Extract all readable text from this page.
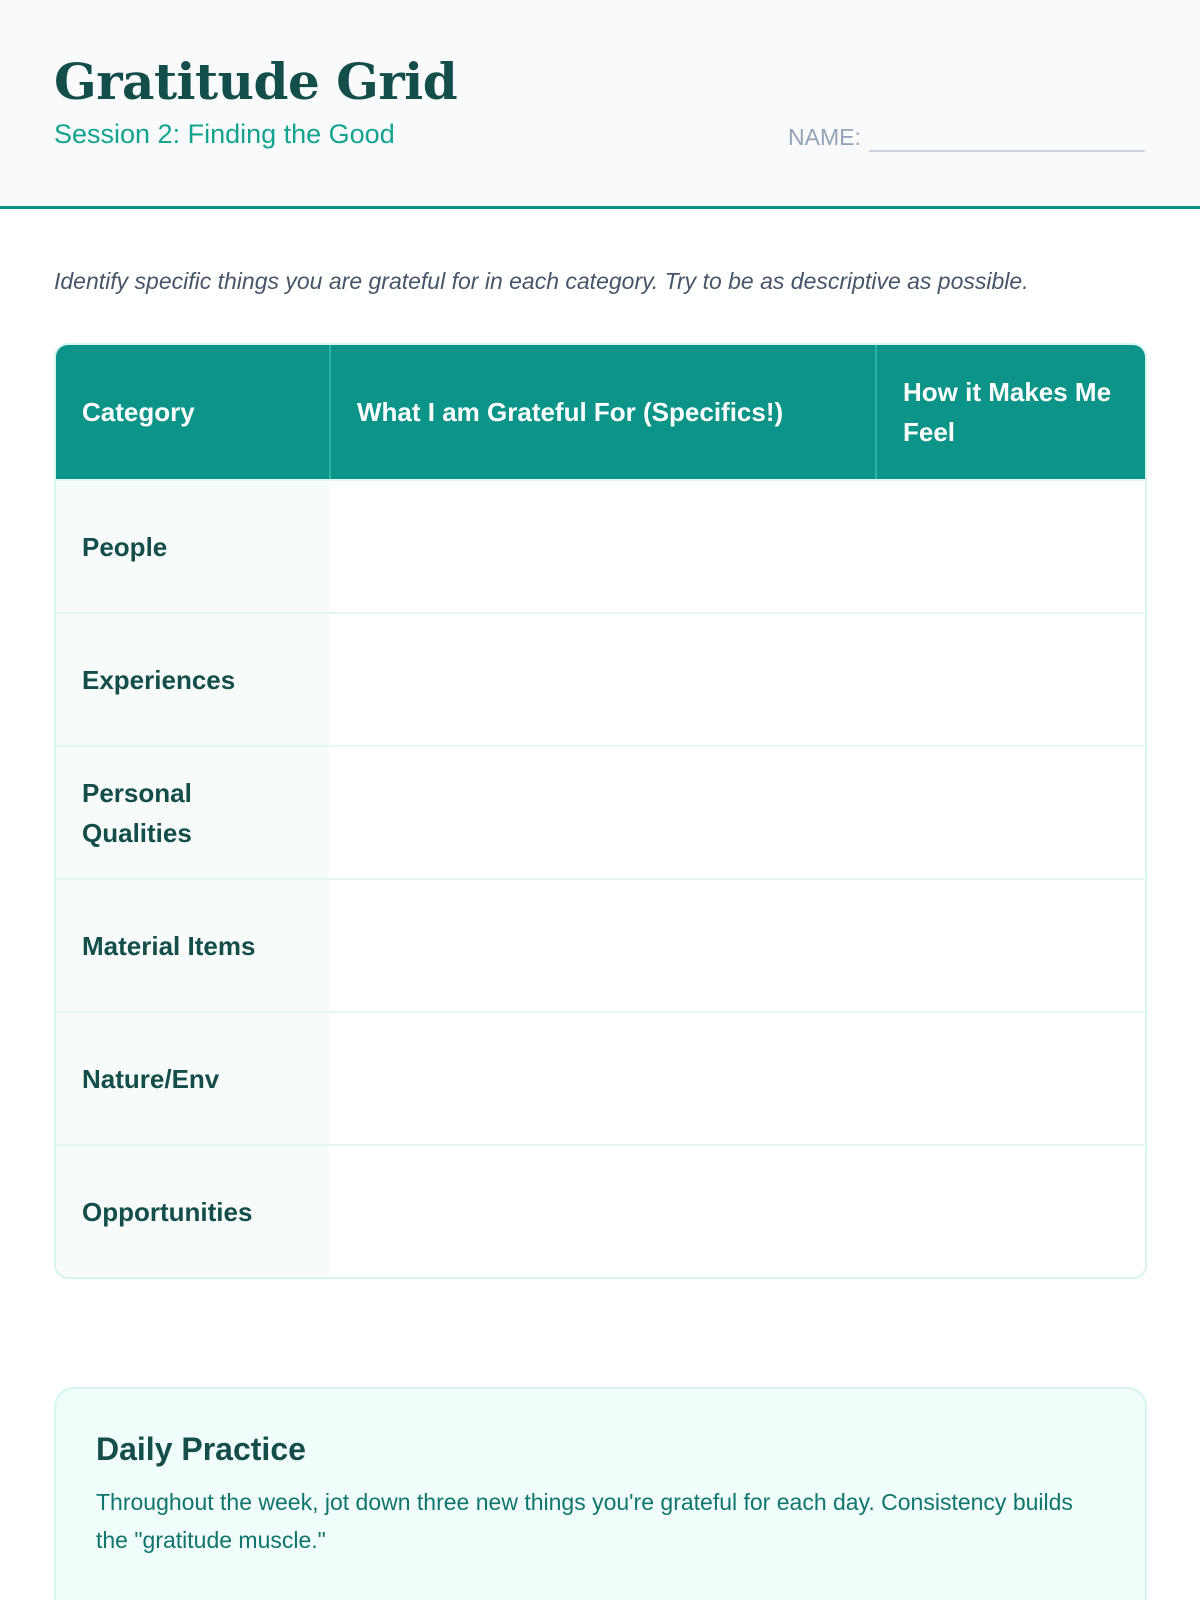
Gratitude Grid
Session 2: Finding the Good	NAME:
Identify specific things you are grateful for in each category. Try to be as descriptive as possible.
Category	What I am Grateful For (Specifics!)
How it Makes Me Feel
People
Experiences
Personal Qualities
Material Items
Nature/Env
Opportunities
Daily Practice
Throughout the week, jot down three new things you're grateful for each day. Consistency builds the "gratitude muscle."
